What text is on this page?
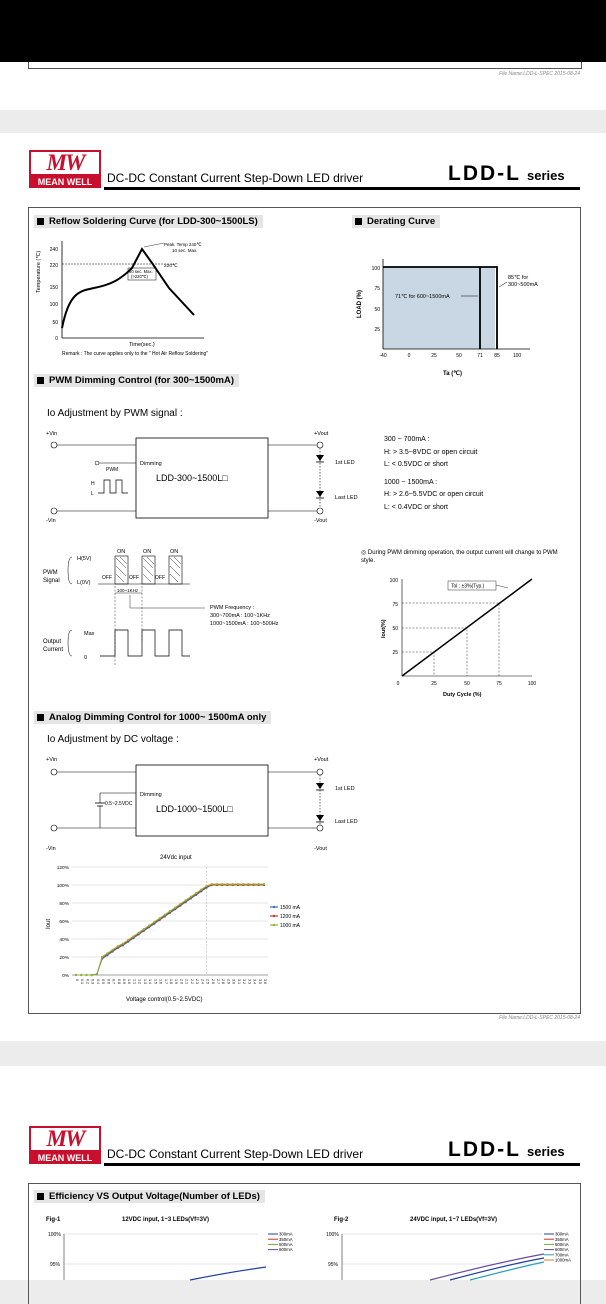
File Name:LDD-L-SPEC 2015-08-24
MW
MEAN WELL	DC-DC Constant Current Step-Down LED driver	LDD-L series
Reflow Soldering Curve (for LDD-300~1500LS)
240
220
150
100
50
0
60 sec. Max.
(>220℃)
Peak. Temp 240℃
10 sec. Max.
220℃
Temperature (℃)
Time(sec.)
Remark : The curve applies only to the " Hot Air Reflow Soldering"
Derating Curve
100
75
50
25
-40	0	25	50	71 85	100
71℃ for 600~1500mA
85℃ for
300~500mA
LOAD (%)
Ta (℃)
PWM Dimming Control (for 300~1500mA)
Io Adjustment by PWM signal :
+Vin
-Vin
+Vout
-Vout
Dimming
LDD-300~1500L□
PWM
H
L
1st LED
Last LED
300 ~ 700mA :
H: > 3.5~8VDC or open circuit
L: < 0.5VDC or short
1000 ~ 1500mA :
H: > 2.6~5.5VDC or open circuit
L: < 0.4VDC or short
PWM
Signal
H(5V)
L(0V)
ON	ON	ON
OFF	OFF	OFF
100~1KHz
PWM Frequency :
300~700mA : 100~1KHz
1000~1500mA : 100~500Hz
Output
Current
Max
0
◎ During PWM dimming operation, the output current will change to PWM style.
Tol : ±3%(Typ.)
100
75
50
25
0	25	50	75	100
Iout(%)
Duty Cycle (%)
Analog Dimming Control for 1000~ 1500mA only
Io Adjustment by DC voltage :
+Vin
-Vin
+Vout
-Vout
Dimming
LDD-1000~1500L□
0.5~2.5VDC
1st LED
Last LED
24Vdc input
Iout
Voltage control(0.5~2.5VDC)
0%
20%
40%
60%
80%
100%
120%
0 0.1 0.2 0.3 0.4 0.5 0.6 0.7 0.8 0.9 1.0 1.1 1.2 1.3 1.4 1.5 1.6 1.7 1.8 1.9 2.0 2.1 2.2 2.3 2.4 2.5 2.6 2.7 2.8 2.9 3.0 3.1 3.2 3.3 3.4 3.5 3.6
1500 mA
1200 mA
1000 mA
File Name:LDD-L-SPEC 2015-08-24
MW
MEAN WELL	DC-DC Constant Current Step-Down LED driver	LDD-L series
Efficiency VS Output Voltage(Number of LEDs)
Fig-1	12VDC input, 1~3 LEDs(Vf=3V)
100%
95%
300mA
350mA
500mA
600mA
Fig-2	24VDC input, 1~7 LEDs(Vf=3V)
100%
95%
300mA
350mA
500mA
600mA
700mA
1000mA
